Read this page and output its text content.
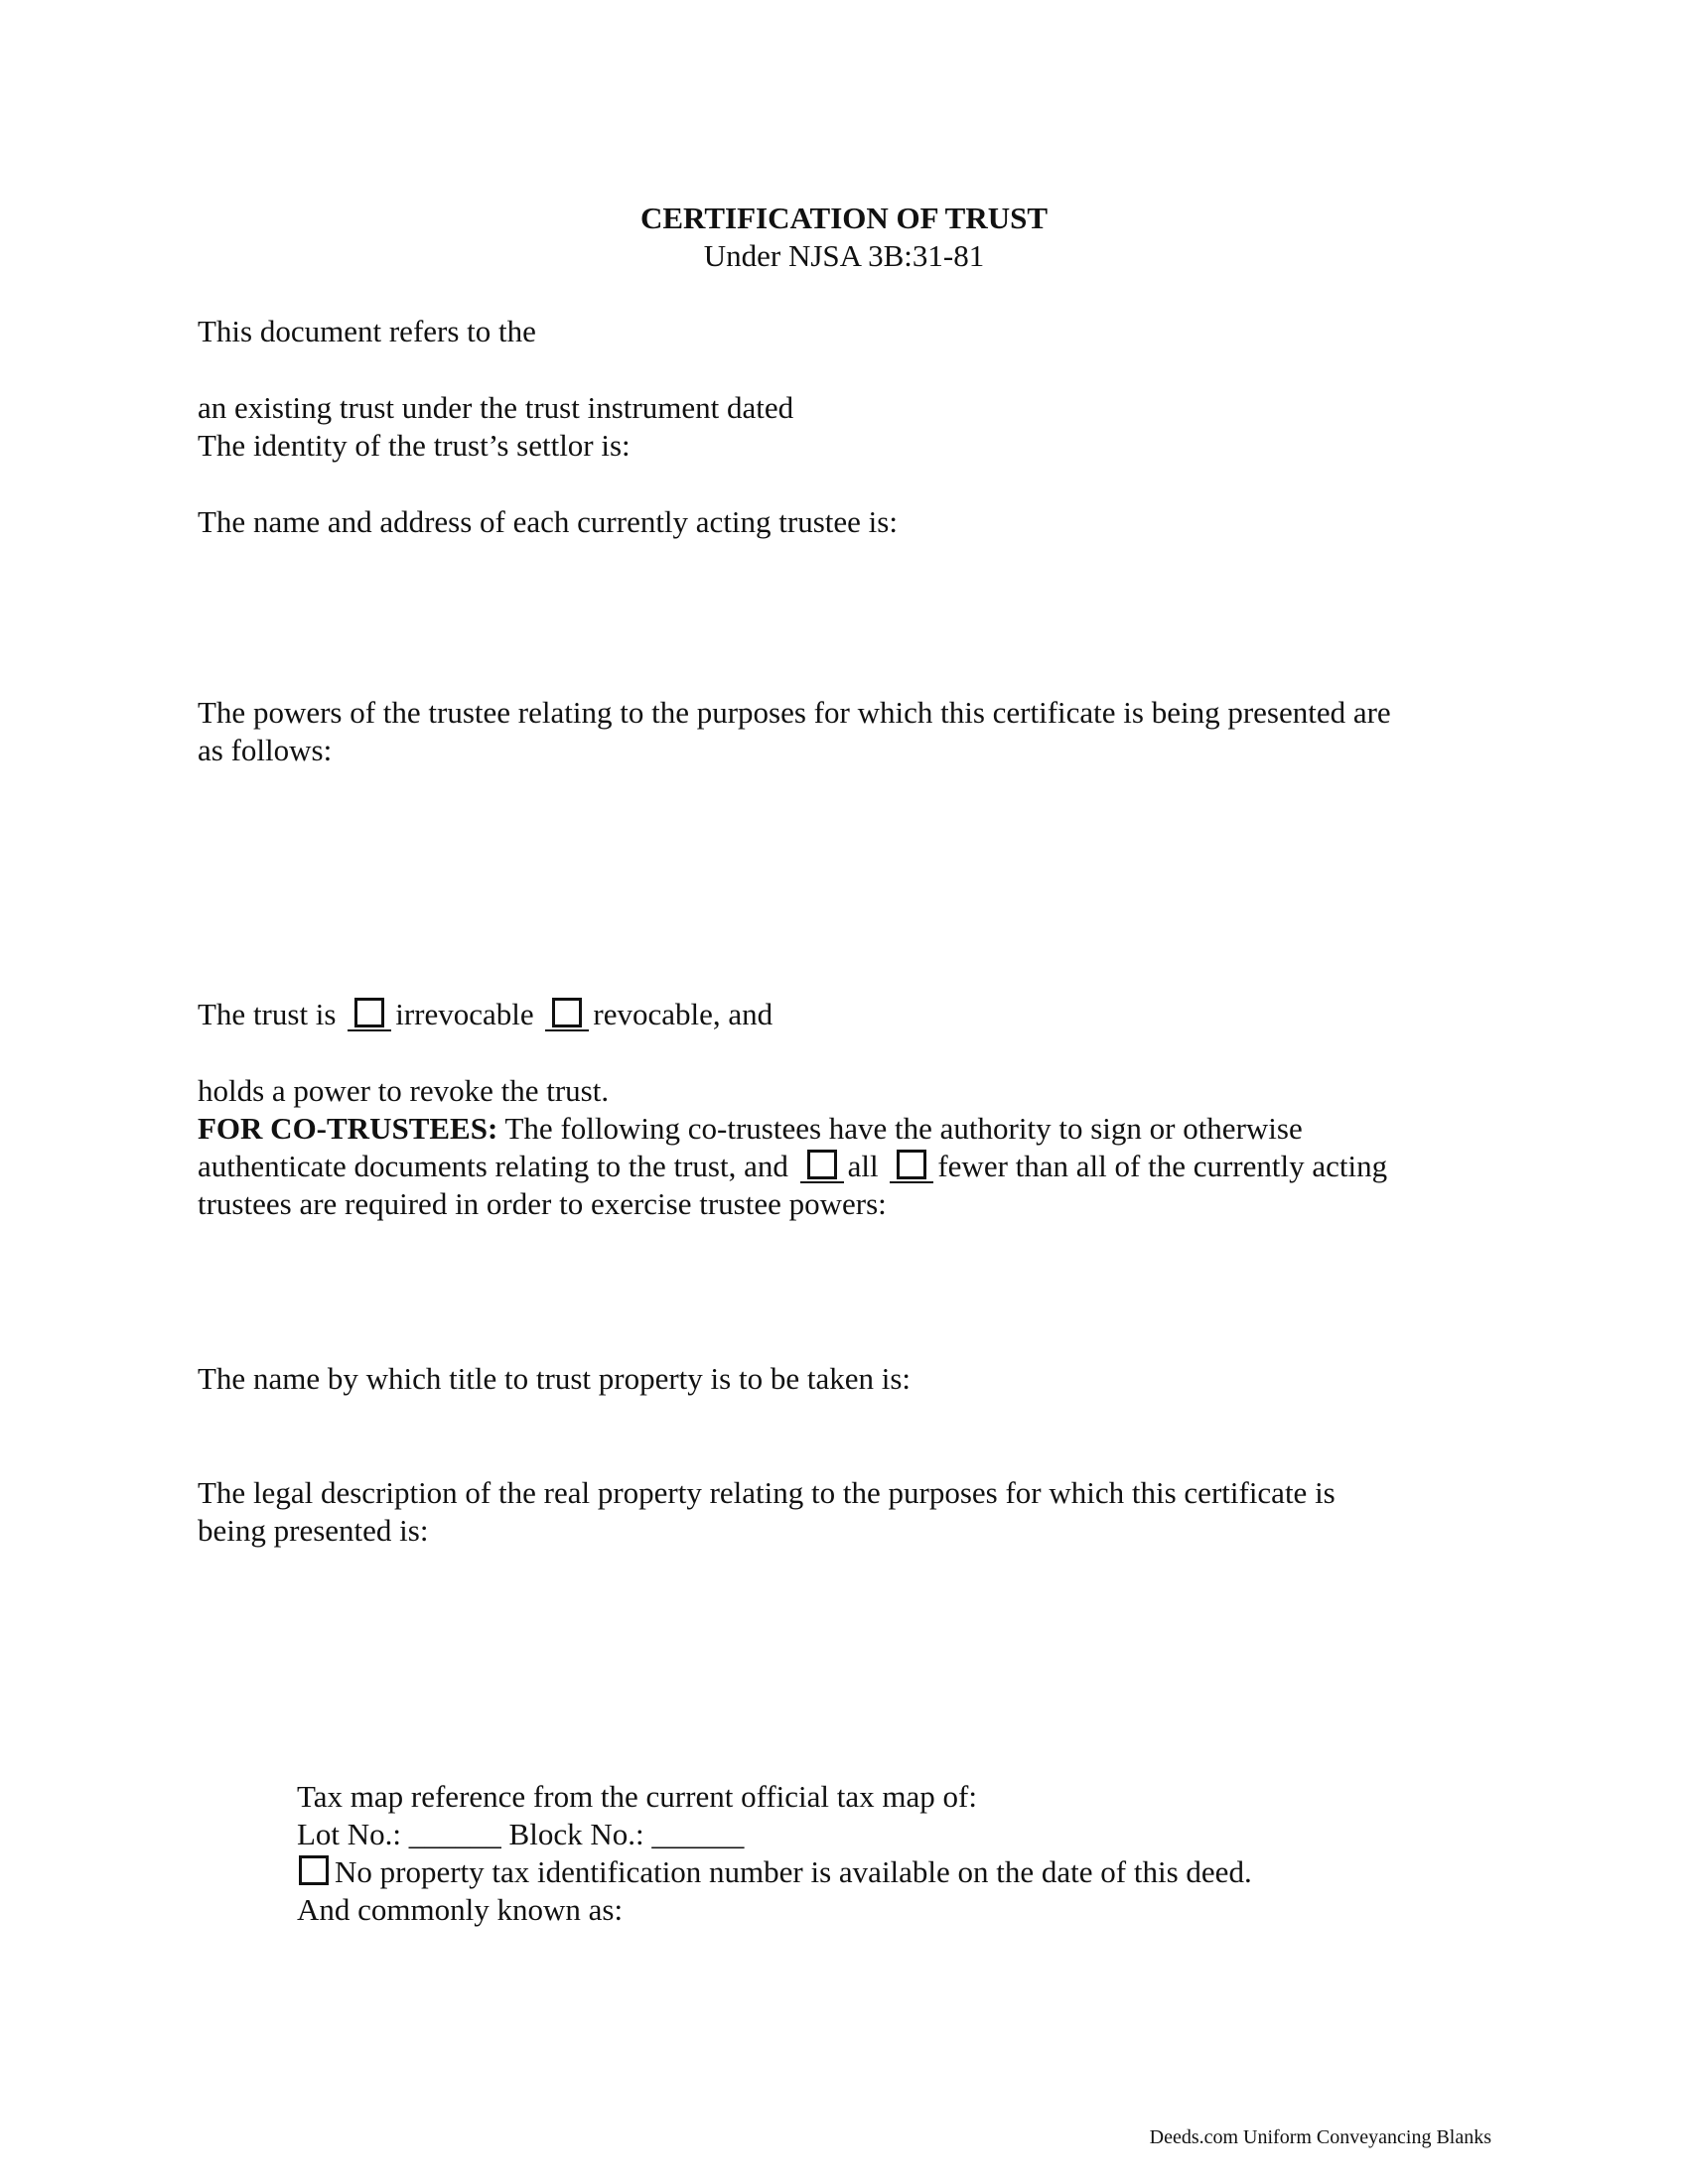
CERTIFICATION OF TRUST
Under NJSA 3B:31-81
This document refers to the
an existing trust under the trust instrument dated
The identity of the trust’s settlor is:
The name and address of each currently acting trustee is:
The powers of the trustee relating to the purposes for which this certificate is being presented are
as follows:
The trust is irrevocable revocable, and
holds a power to revoke the trust.
FOR CO-TRUSTEES: The following co-trustees have the authority to sign or otherwise
authenticate documents relating to the trust, and all fewer than all of the currently acting
trustees are required in order to exercise trustee powers:
The name by which title to trust property is to be taken is:
The legal description of the real property relating to the purposes for which this certificate is
being presented is:
Tax map reference from the current official tax map of:
Lot No.: ______ Block No.: ______
No property tax identification number is available on the date of this deed.
And commonly known as:
Deeds.com Uniform Conveyancing Blanks
